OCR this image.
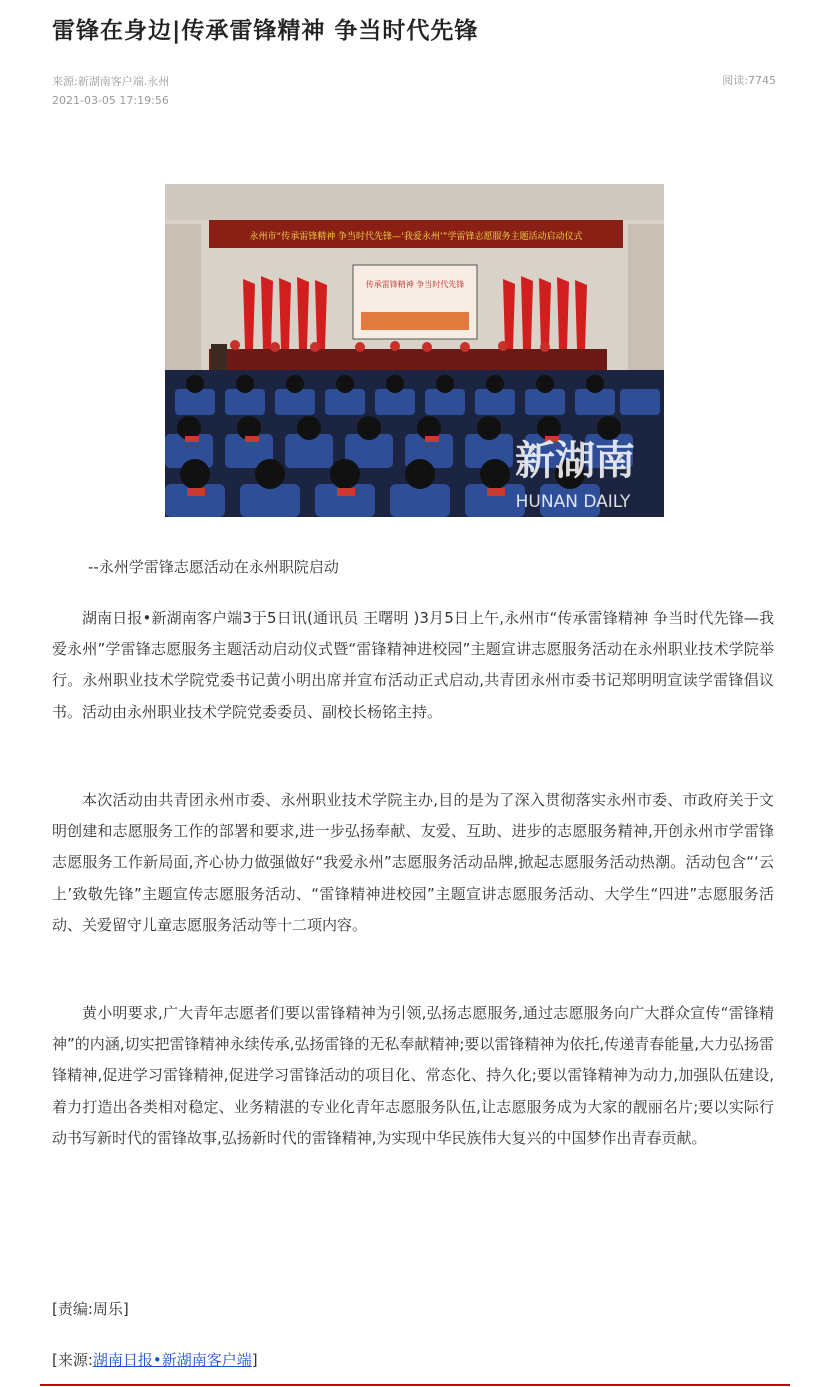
雷锋在身边|传承雷锋精神 争当时代先锋
来源:新湖南客户端.永州
2021-03-05 17:19:56
阅读:7745
永州市“传承雷锋精神 争当时代先锋—‘我爱永州’”学雷锋志愿服务主题活动启动仪式
传承雷锋精神 争当时代先锋
新湖南
HUNAN DAILY
--永州学雷锋志愿活动在永州职院启动

湖南日报•新湖南客户端3于5日讯(通讯员 王曙明 )3月5日上午,永州市“传承雷锋精神 争当时代先锋—我爱永州”学雷锋志愿服务主题活动启动仪式暨“雷锋精神进校园”主题宣讲志愿服务活动在永州职业技术学院举行。永州职业技术学院党委书记黄小明出席并宣布活动正式启动,共青团永州市委书记郑明明宣读学雷锋倡议书。活动由永州职业技术学院党委委员、副校长杨铭主持。

本次活动由共青团永州市委、永州职业技术学院主办,目的是为了深入贯彻落实永州市委、市政府关于文明创建和志愿服务工作的部署和要求,进一步弘扬奉献、友爱、互助、进步的志愿服务精神,开创永州市学雷锋志愿服务工作新局面,齐心协力做强做好“我爱永州”志愿服务活动品牌,掀起志愿服务活动热潮。活动包含“‘云上’致敬先锋”主题宣传志愿服务活动、“雷锋精神进校园”主题宣讲志愿服务活动、大学生“四进”志愿服务活动、关爱留守儿童志愿服务活动等十二项内容。

黄小明要求,广大青年志愿者们要以雷锋精神为引领,弘扬志愿服务,通过志愿服务向广大群众宣传“雷锋精神”的内涵,切实把雷锋精神永续传承,弘扬雷锋的无私奉献精神;要以雷锋精神为依托,传递青春能量,大力弘扬雷锋精神,促进学习雷锋精神,促进学习雷锋活动的项目化、常态化、持久化;要以雷锋精神为动力,加强队伍建设,着力打造出各类相对稳定、业务精湛的专业化青年志愿服务队伍,让志愿服务成为大家的靓丽名片;要以实际行动书写新时代的雷锋故事,弘扬新时代的雷锋精神,为实现中华民族伟大复兴的中国梦作出青春贡献。

[责编:周乐]
[来源:湖南日报•新湖南客户端]
